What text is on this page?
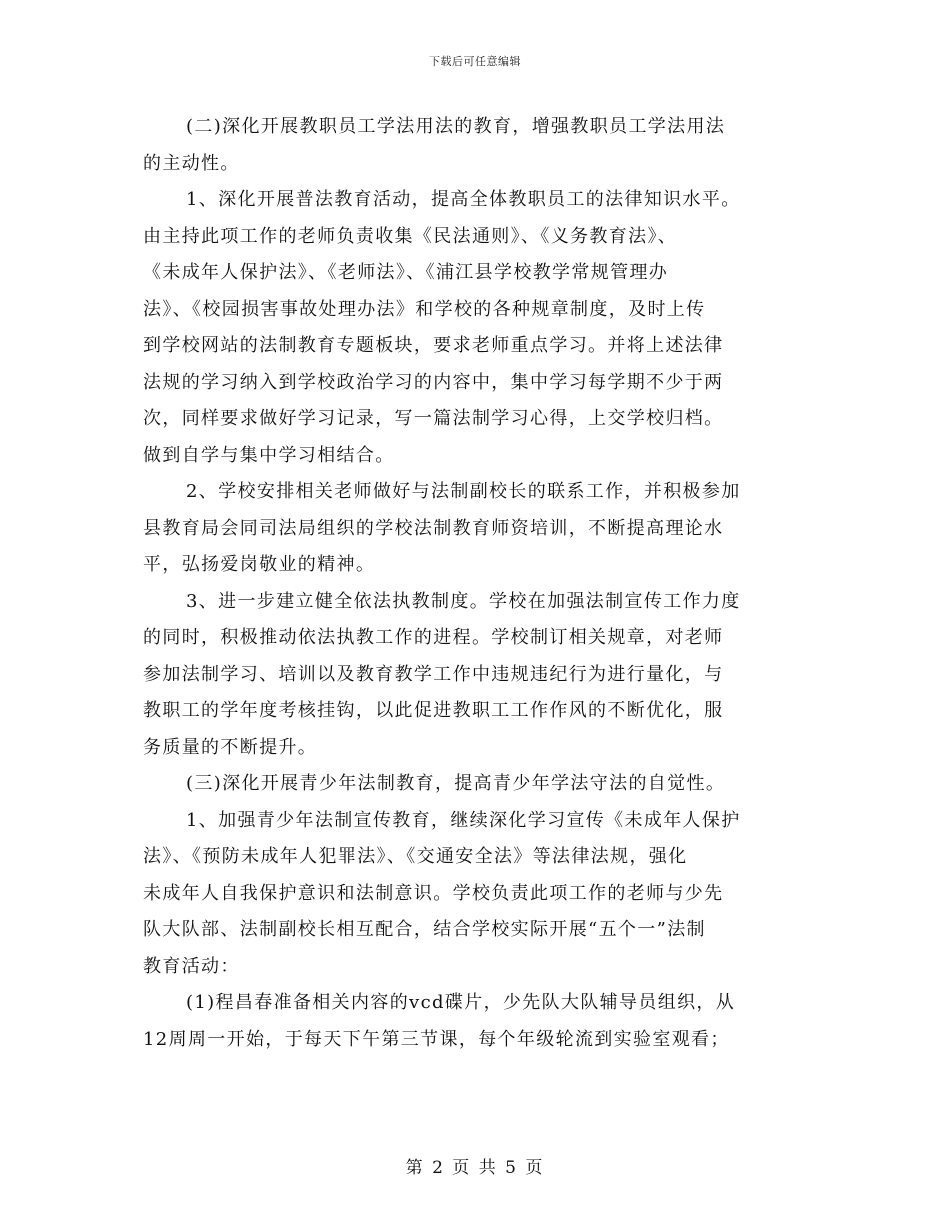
下载后可任意编辑
(二)深化开展教职员工学法用法的教育，增强教职员工学法用法
的主动性。
1、深化开展普法教育活动，提高全体教职员工的法律知识水平。
由主持此项工作的老师负责收集《民法通则》、《义务教育法》、
《未成年人保护法》、《老师法》、《浦江县学校教学常规管理办
法》、《校园损害事故处理办法》和学校的各种规章制度，及时上传
到学校网站的法制教育专题板块，要求老师重点学习。并将上述法律
法规的学习纳入到学校政治学习的内容中，集中学习每学期不少于两
次，同样要求做好学习记录，写一篇法制学习心得，上交学校归档。
做到自学与集中学习相结合。
2、学校安排相关老师做好与法制副校长的联系工作，并积极参加
县教育局会同司法局组织的学校法制教育师资培训，不断提高理论水
平，弘扬爱岗敬业的精神。
3、进一步建立健全依法执教制度。学校在加强法制宣传工作力度
的同时，积极推动依法执教工作的进程。学校制订相关规章，对老师
参加法制学习、培训以及教育教学工作中违规违纪行为进行量化，与
教职工的学年度考核挂钩，以此促进教职工工作作风的不断优化，服
务质量的不断提升。
(三)深化开展青少年法制教育，提高青少年学法守法的自觉性。
1、加强青少年法制宣传教育，继续深化学习宣传《未成年人保护
法》、《预防未成年人犯罪法》、《交通安全法》等法律法规，强化
未成年人自我保护意识和法制意识。学校负责此项工作的老师与少先
队大队部、法制副校长相互配合，结合学校实际开展“五个一”法制
教育活动：
(1)程昌春准备相关内容的vcd碟片，少先队大队辅导员组织，从
12周周一开始，于每天下午第三节课，每个年级轮流到实验室观看；
第 2 页 共 5 页
